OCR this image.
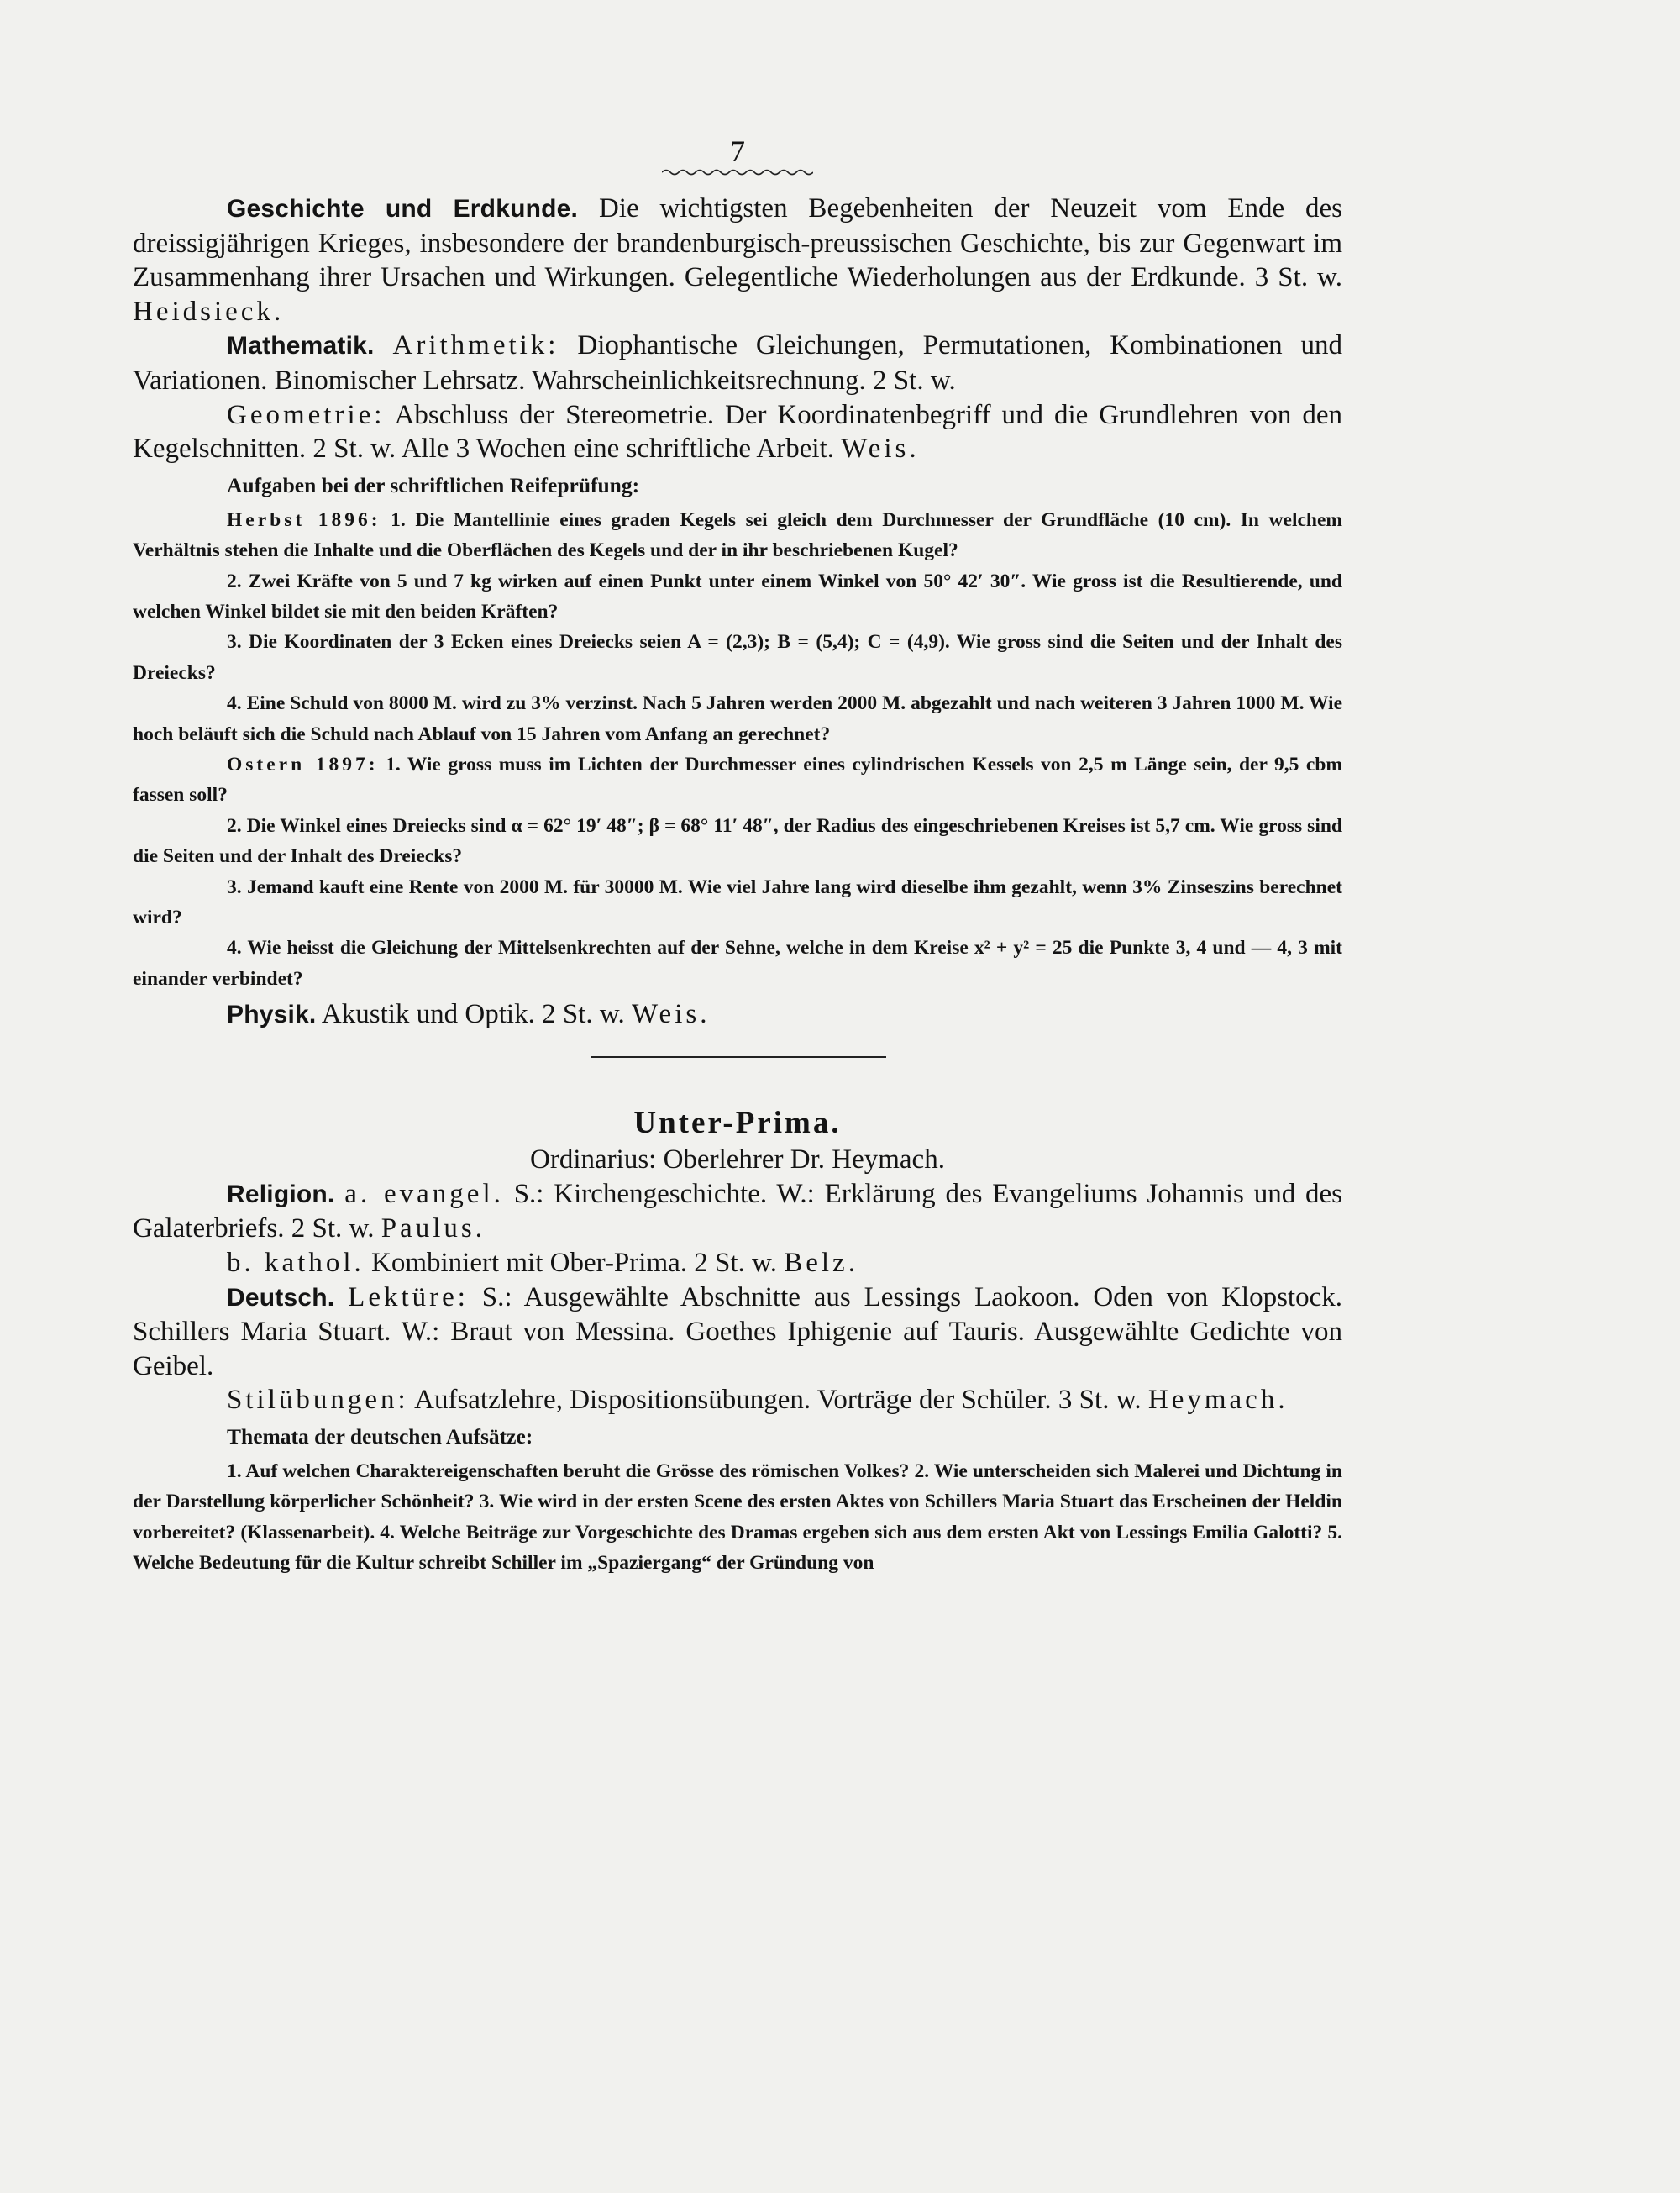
7

Geschichte und Erdkunde. Die wichtigsten Begebenheiten der Neuzeit vom Ende des dreissigjährigen Krieges, insbesondere der brandenburgisch-preussischen Geschichte, bis zur Gegenwart im Zusammenhang ihrer Ursachen und Wirkungen. Gelegentliche Wiederholungen aus der Erdkunde. 3 St. w. Heidsieck.

Mathematik. Arithmetik: Diophantische Gleichungen, Permutationen, Kombinationen und Variationen. Binomischer Lehrsatz. Wahrscheinlichkeitsrechnung. 2 St. w.

Geometrie: Abschluss der Stereometrie. Der Koordinatenbegriff und die Grundlehren von den Kegelschnitten. 2 St. w. Alle 3 Wochen eine schriftliche Arbeit. Weis.

Aufgaben bei der schriftlichen Reifeprüfung:

Herbst 1896: 1. Die Mantellinie eines graden Kegels sei gleich dem Durchmesser der Grundfläche (10 cm). In welchem Verhältnis stehen die Inhalte und die Oberflächen des Kegels und der in ihr beschriebenen Kugel?

2. Zwei Kräfte von 5 und 7 kg wirken auf einen Punkt unter einem Winkel von 50° 42′ 30″. Wie gross ist die Resultierende, und welchen Winkel bildet sie mit den beiden Kräften?

3. Die Koordinaten der 3 Ecken eines Dreiecks seien A = (2,3); B = (5,4); C = (4,9). Wie gross sind die Seiten und der Inhalt des Dreiecks?

4. Eine Schuld von 8000 M. wird zu 3% verzinst. Nach 5 Jahren werden 2000 M. abgezahlt und nach weiteren 3 Jahren 1000 M. Wie hoch beläuft sich die Schuld nach Ablauf von 15 Jahren vom Anfang an gerechnet?

Ostern 1897: 1. Wie gross muss im Lichten der Durchmesser eines cylindrischen Kessels von 2,5 m Länge sein, der 9,5 cbm fassen soll?

2. Die Winkel eines Dreiecks sind α = 62° 19′ 48″; β = 68° 11′ 48″, der Radius des eingeschriebenen Kreises ist 5,7 cm. Wie gross sind die Seiten und der Inhalt des Dreiecks?

3. Jemand kauft eine Rente von 2000 M. für 30000 M. Wie viel Jahre lang wird dieselbe ihm gezahlt, wenn 3% Zinseszins berechnet wird?

4. Wie heisst die Gleichung der Mittelsenkrechten auf der Sehne, welche in dem Kreise x² + y² = 25 die Punkte 3, 4 und — 4, 3 mit einander verbindet?

Physik. Akustik und Optik. 2 St. w. Weis.

Unter-Prima.

Ordinarius: Oberlehrer Dr. Heymach.

Religion. a. evangel. S.: Kirchengeschichte. W.: Erklärung des Evangeliums Johannis und des Galaterbriefs. 2 St. w. Paulus.

b. kathol. Kombiniert mit Ober-Prima. 2 St. w. Belz.

Deutsch. Lektüre: S.: Ausgewählte Abschnitte aus Lessings Laokoon. Oden von Klopstock. Schillers Maria Stuart. W.: Braut von Messina. Goethes Iphigenie auf Tauris. Ausgewählte Gedichte von Geibel.

Stilübungen: Aufsatzlehre, Dispositionsübungen. Vorträge der Schüler. 3 St. w. Heymach.

Themata der deutschen Aufsätze:

1. Auf welchen Charaktereigenschaften beruht die Grösse des römischen Volkes? 2. Wie unterscheiden sich Malerei und Dichtung in der Darstellung körperlicher Schönheit? 3. Wie wird in der ersten Scene des ersten Aktes von Schillers Maria Stuart das Erscheinen der Heldin vorbereitet? (Klassenarbeit). 4. Welche Beiträge zur Vorgeschichte des Dramas ergeben sich aus dem ersten Akt von Lessings Emilia Galotti? 5. Welche Bedeutung für die Kultur schreibt Schiller im „Spaziergang“ der Gründung von
